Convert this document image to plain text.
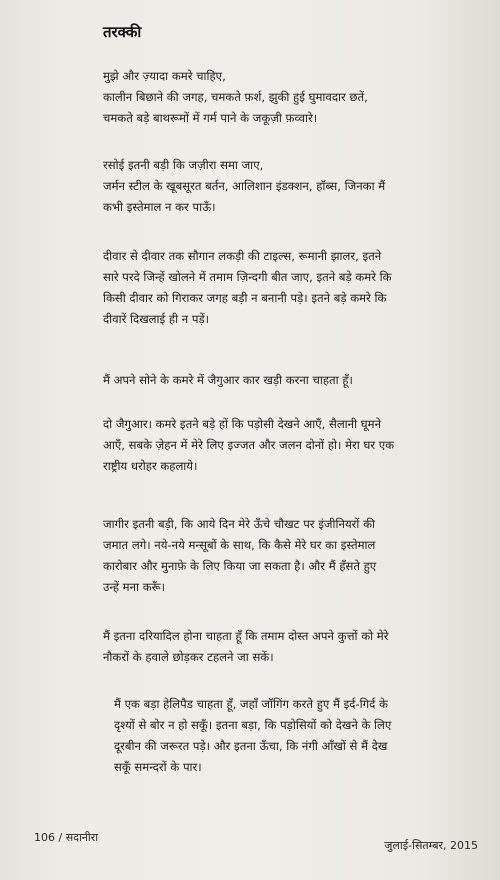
तरक्की
मुझे और ज़्यादा कमरे चाहिए,
कालीन बिछाने की जगह, चमकते फ़र्श, झुकी हुई घुमावदार छतें,
चमकते बड़े बाथरूमों में गर्म पाने के जकूज़ी फ़व्वारे।
रसोई इतनी बड़ी कि जज़ीरा समा जाए,
जर्मन स्टील के खूबसूरत बर्तन, आलिशान इंडक्शन, हॉब्स, जिनका मैं
कभी इस्तेमाल न कर पाऊँ।
दीवार से दीवार तक सौगान लकड़ी की टाइल्स, रूमानी झालर, इतने
सारे परदे जिन्हें खोलने में तमाम ज़िन्दगी बीत जाए, इतने बड़े कमरे कि
किसी दीवार को गिराकर जगह बड़ी न बनानी पड़े। इतने बड़े कमरे कि
दीवारें दिखलाई ही न पड़ें।
मैं अपने सोने के कमरे में जैगुआर कार खड़ी करना चाहता हूँ।
दो जैगुआर। कमरे इतने बड़े हों कि पड़ोसी देखने आएँ, सैलानी घूमने
आएँ, सबके ज़ेहन में मेरे लिए इज्जत और जलन दोनों हो। मेरा घर एक
राष्ट्रीय धरोहर कहलाये।
जागीर इतनी बड़ी, कि आये दिन मेरे ऊँचे चौखट पर इंजीनियरों की
जमात लगे। नये-नये मन्सूबों के साथ, कि कैसे मेरे घर का इस्तेमाल
कारोबार और मुनाफ़े के लिए किया जा सकता है। और मैं हँसते हुए
उन्हें मना करूँ।
मैं इतना दरियादिल होना चाहता हूँ कि तमाम दोस्त अपने कुत्तों को मेरे
नौकरों के हवाले छोड़कर टहलने जा सकें।
मैं एक बड़ा हेलिपैड चाहता हूँ, जहाँ जॉगिंग करते हुए मैं इर्द-गिर्द के
दृश्यों से बोर न हो सकूँ। इतना बड़ा, कि पड़ोसियों को देखने के लिए
दूरबीन की जरूरत पड़े। और इतना ऊँचा, कि नंगी आँखों से मैं देख
सकूँ समन्दरों के पार।
106 / सदानीरा
जुलाई-सितम्बर, 2015
